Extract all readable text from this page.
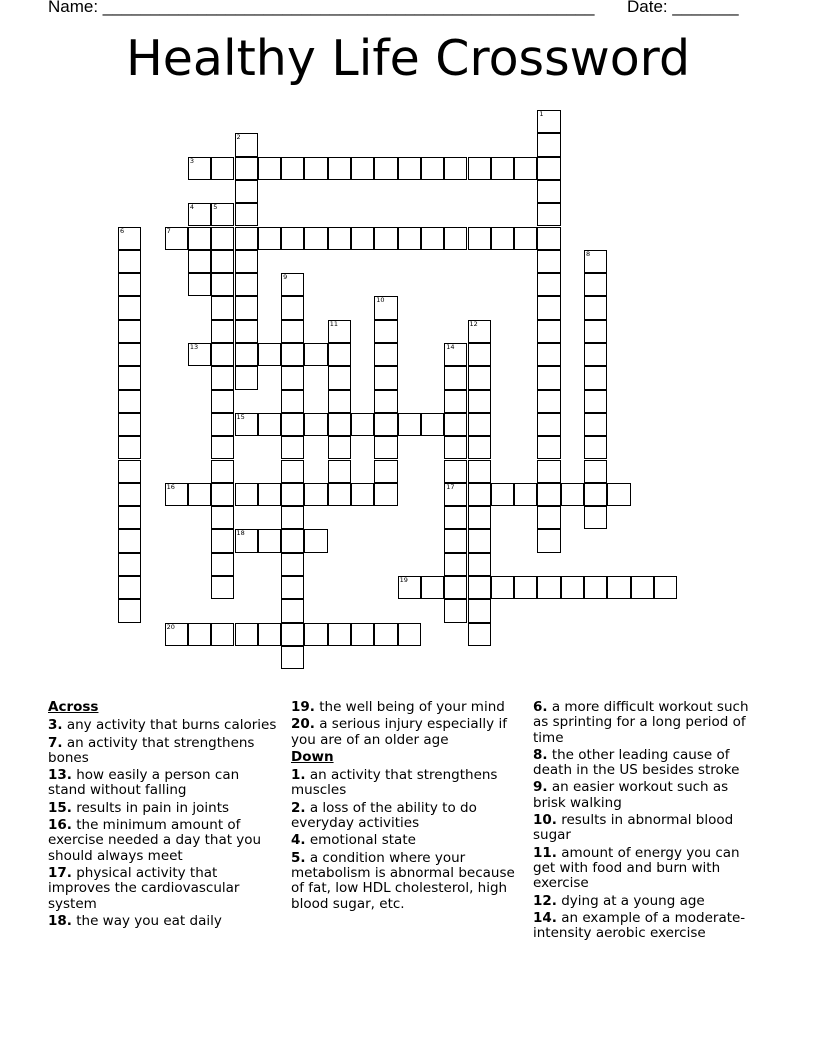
Name: ____________________________________________________ Date: _______
Healthy Life Crossword
3
7
13
15
16	17
18
19
20
1
2
4	5
6
8
9
10
11	12
14
Across
3. any activity that burns calories
7. an activity that strengthens bones
13. how easily a person can stand without falling
15. results in pain in joints
16. the minimum amount of exercise needed a day that you should always meet
17. physical activity that improves the cardiovascular system
18. the way you eat daily
19. the well being of your mind
20. a serious injury especially if you are of an older age
Down
1. an activity that strengthens muscles
2. a loss of the ability to do everyday activities
4. emotional state
5. a condition where your metabolism is abnormal because of fat, low HDL cholesterol, high blood sugar, etc.
6. a more difficult workout such as sprinting for a long period of time
8. the other leading cause of death in the US besides stroke
9. an easier workout such as brisk walking
10. results in abnormal blood sugar
11. amount of energy you can get with food and burn with exercise
12. dying at a young age
14. an example of a moderate-intensity aerobic exercise
